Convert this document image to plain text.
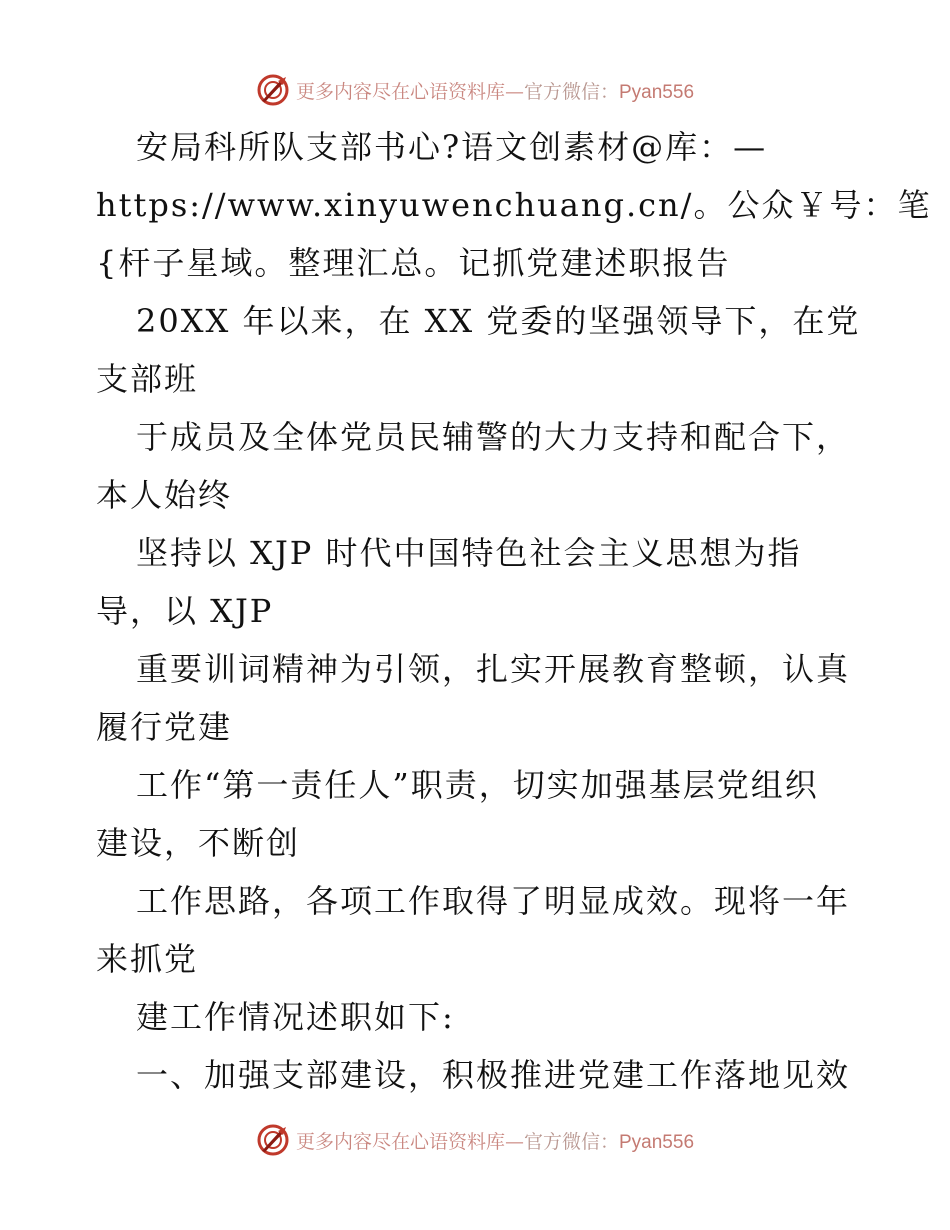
更多内容尽在心语资料库—官方微信：Pyan556
安局科所队支部书心?语文创素材@库：—
https://www.xinyuwenchuang.cn/。公众￥号：笔
{杆子星域。整理汇总。记抓党建述职报告
20XX 年以来，在 XX 党委的坚强领导下，在党
支部班
于成员及全体党员民辅警的大力支持和配合下，
本人始终
坚持以 XJP 时代中国特色社会主义思想为指
导，以 XJP
重要训词精神为引领，扎实开展教育整顿，认真
履行党建
工作“第一责任人”职责，切实加强基层党组织
建设，不断创
工作思路，各项工作取得了明显成效。现将一年
来抓党
建工作情况述职如下:
一、加强支部建设，积极推进党建工作落地见效
更多内容尽在心语资料库—官方微信：Pyan556
